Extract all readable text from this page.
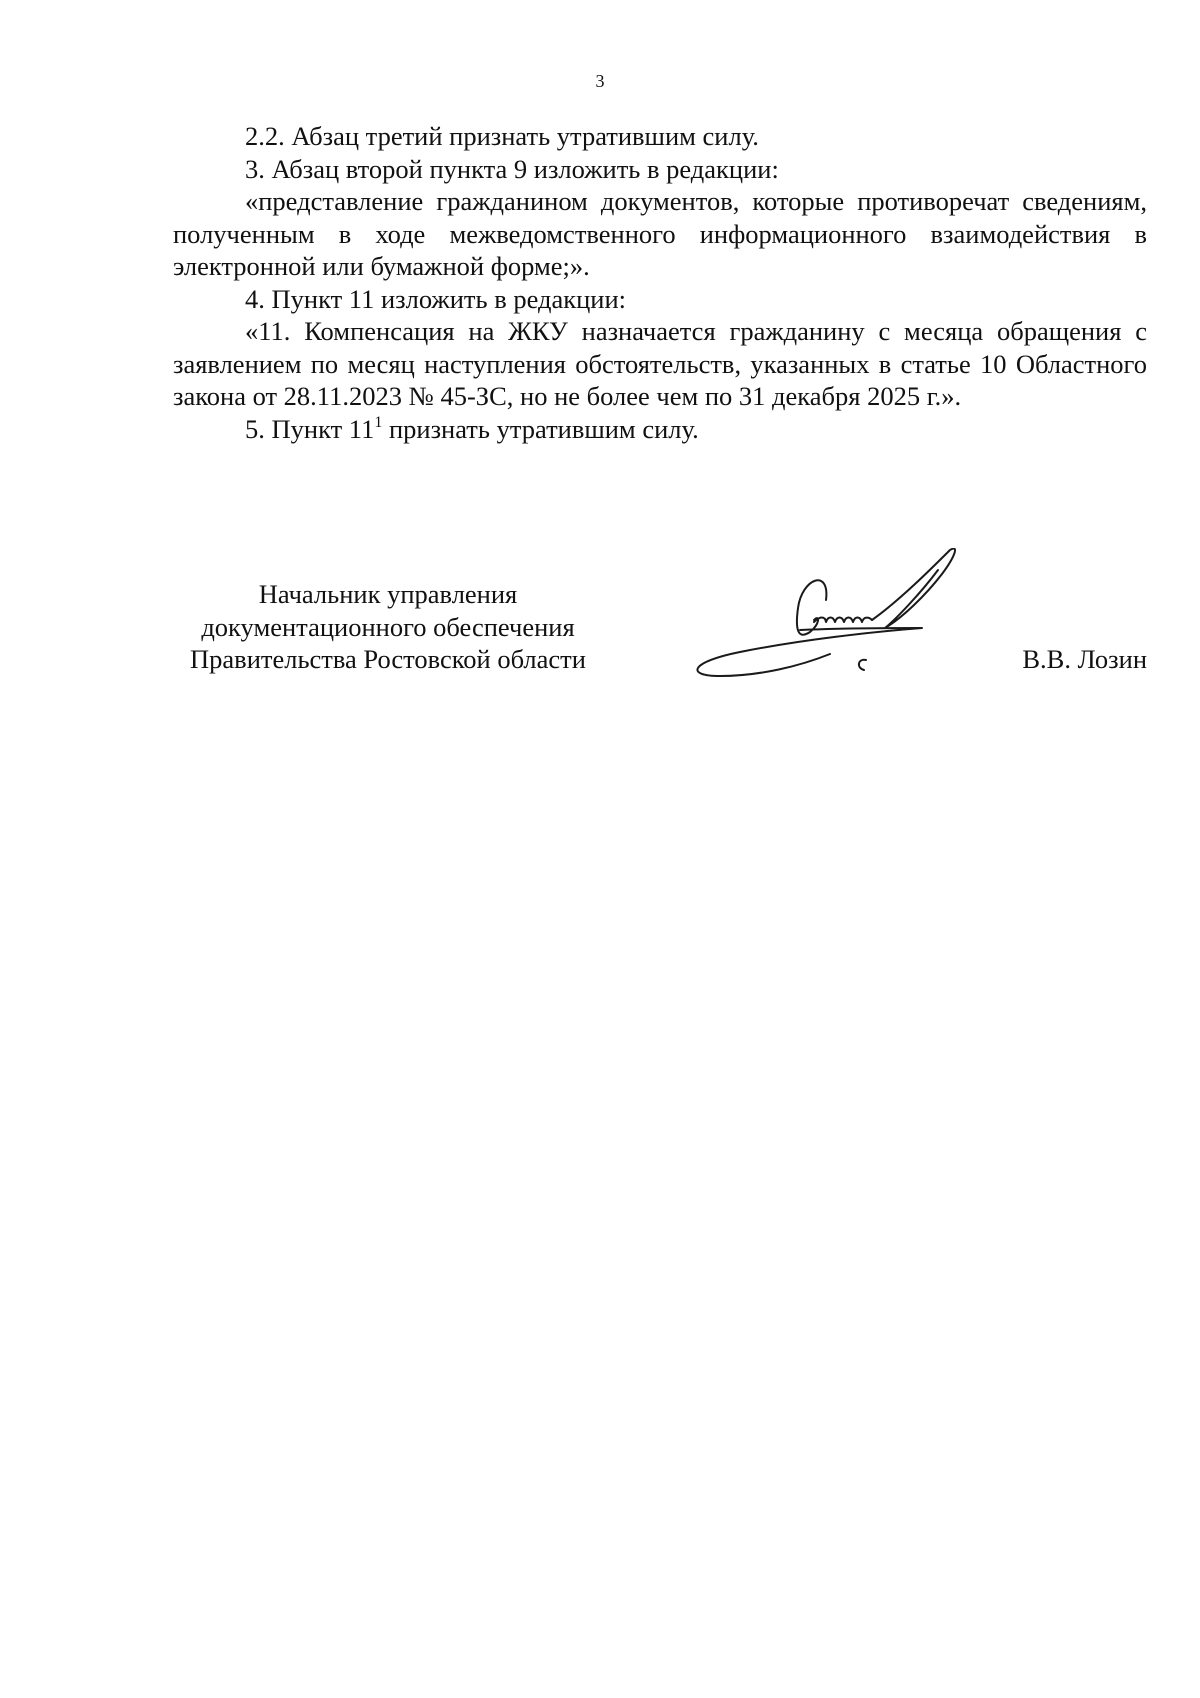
3

2.2. Абзац третий признать утратившим силу.

3. Абзац второй пункта 9 изложить в редакции:

«представление гражданином документов, которые противоречат сведениям, полученным в ходе межведомственного информационного взаимодействия в электронной или бумажной форме;».

4. Пункт 11 изложить в редакции:

«11. Компенсация на ЖКУ назначается гражданину с месяца обращения с заявлением по месяц наступления обстоятельств, указанных в статье 10 Областного закона от 28.11.2023 № 45-ЗС, но не более чем по 31 декабря 2025 г.».

5. Пункт $11^1$ признать утратившим силу.

Начальник управления
документационного обеспечения
Правительства Ростовской области	В.В. Лозин
